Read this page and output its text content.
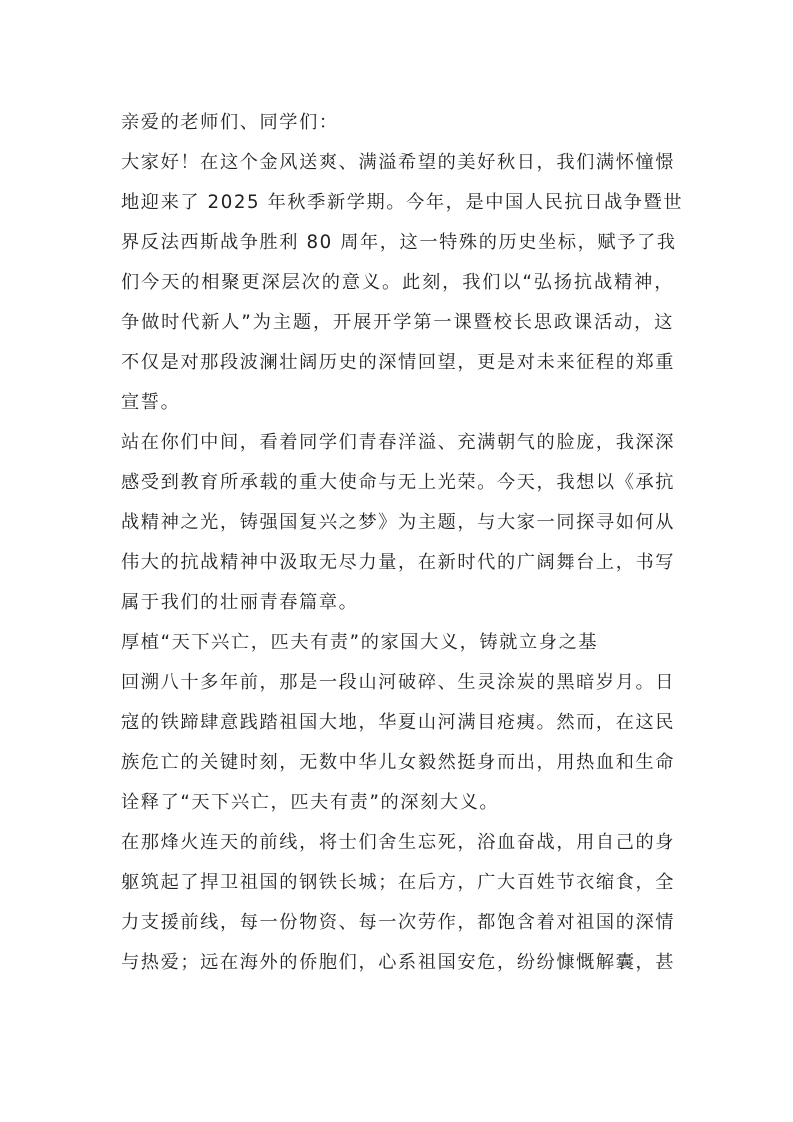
亲爱的老师们、同学们：
大家好！在这个金风送爽、满溢希望的美好秋日，我们满怀憧憬
地迎来了 2025 年秋季新学期。今年，是中国人民抗日战争暨世
界反法西斯战争胜利 80 周年，这一特殊的历史坐标，赋予了我
们今天的相聚更深层次的意义。此刻，我们以“弘扬抗战精神，
争做时代新人”为主题，开展开学第一课暨校长思政课活动，这
不仅是对那段波澜壮阔历史的深情回望，更是对未来征程的郑重
宣誓。
站在你们中间，看着同学们青春洋溢、充满朝气的脸庞，我深深
感受到教育所承载的重大使命与无上光荣。今天，我想以《承抗
战精神之光，铸强国复兴之梦》为主题，与大家一同探寻如何从
伟大的抗战精神中汲取无尽力量，在新时代的广阔舞台上，书写
属于我们的壮丽青春篇章。
厚植“天下兴亡，匹夫有责”的家国大义，铸就立身之基
回溯八十多年前，那是一段山河破碎、生灵涂炭的黑暗岁月。日
寇的铁蹄肆意践踏祖国大地，华夏山河满目疮痍。然而，在这民
族危亡的关键时刻，无数中华儿女毅然挺身而出，用热血和生命
诠释了“天下兴亡，匹夫有责”的深刻大义。
在那烽火连天的前线，将士们舍生忘死，浴血奋战，用自己的身
躯筑起了捍卫祖国的钢铁长城；在后方，广大百姓节衣缩食，全
力支援前线，每一份物资、每一次劳作，都饱含着对祖国的深情
与热爱；远在海外的侨胞们，心系祖国安危，纷纷慷慨解囊，甚
